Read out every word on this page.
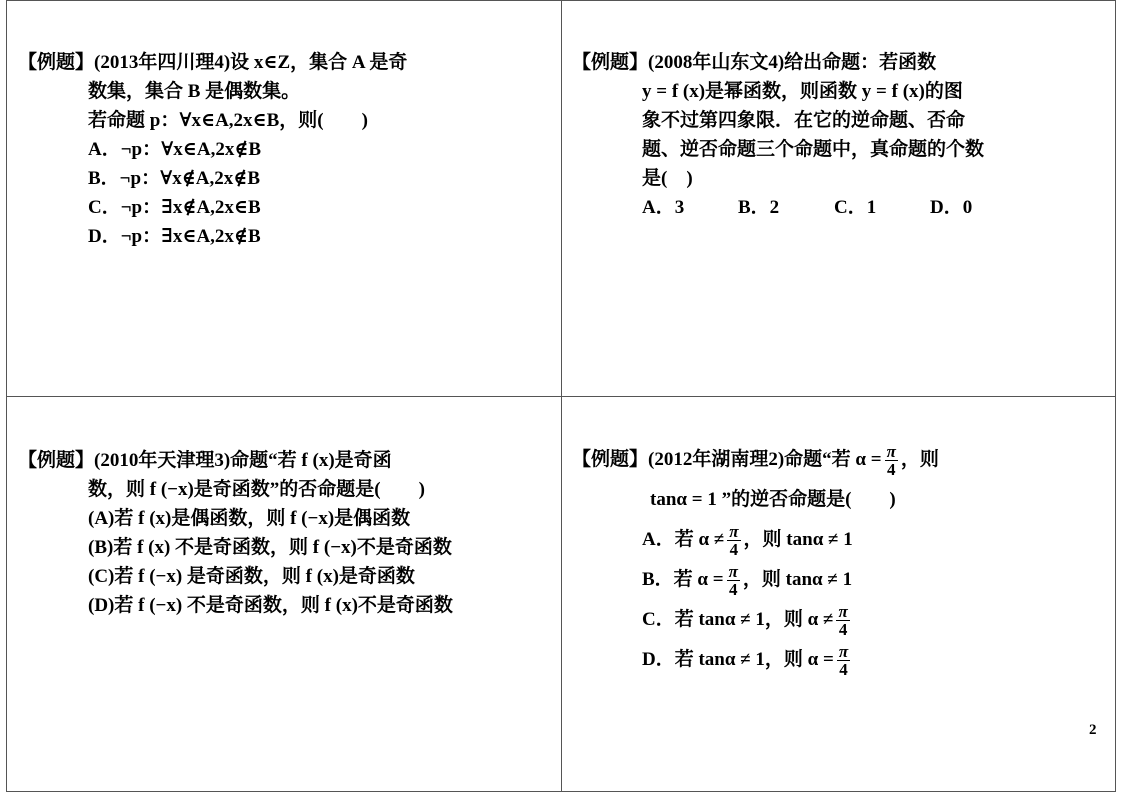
【例题】(2013年四川理4)设 x∈Z，集合 A 是奇
数集，集合 B 是偶数集。
若命题 p：∀x∈A,2x∈B，则(　　)
A．¬p：∀x∈A,2x∉B
B．¬p：∀x∉A,2x∉B
C．¬p：∃x∉A,2x∈B
D．¬p：∃x∈A,2x∉B
【例题】(2008年山东文4)给出命题：若函数
y = f (x)是幂函数，则函数 y = f (x)的图
象不过第四象限．在它的逆命题、否命
题、逆否命题三个命题中，真命题的个数
是(　)
A．3	B．2	C．1	D．0
【例题】(2010年天津理3)命题“若 f (x)是奇函
数，则 f (−x)是奇函数”的否命题是(　　)
(A)若 f (x)是偶函数，则 f (−x)是偶函数
(B)若 f (x) 不是奇函数，则 f (−x)不是奇函数
(C)若 f (−x) 是奇函数，则 f (x)是奇函数
(D)若 f (−x) 不是奇函数，则 f (x)不是奇函数
【例题】(2012年湖南理2)命题“若 $\alpha = \frac{\pi}{4}$ ，则
tanα = 1 ”的逆否命题是(　　)
A．若 $\alpha \ne \frac{\pi}{4}$ ，则 tanα ≠ 1
B．若 $\alpha = \frac{\pi}{4}$ ，则 tanα ≠ 1
C．若 tanα ≠ 1，则 $\alpha \ne \frac{\pi}{4}$
D．若 tanα ≠ 1，则 $\alpha = \frac{\pi}{4}$
2
